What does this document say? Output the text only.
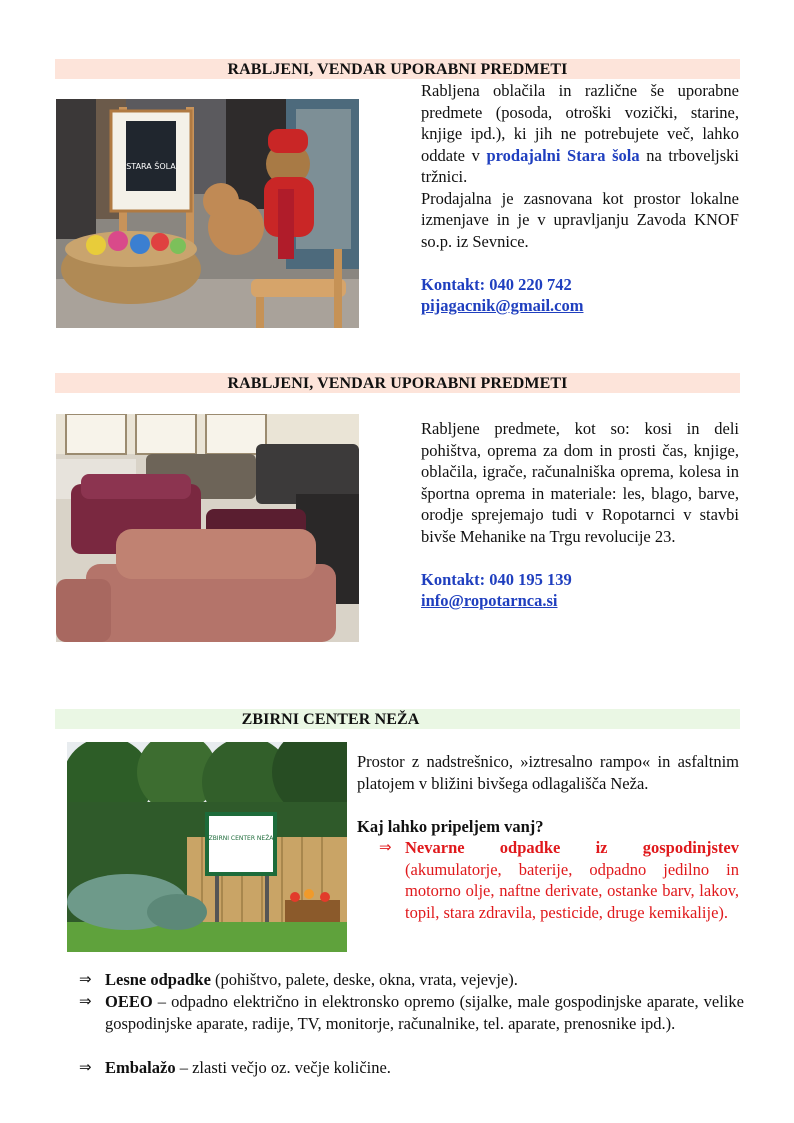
RABLJENI, VENDAR UPORABNI PREDMETI
STARA ŠOLA

Rabljena oblačila in različne še uporabne predmete (posoda, otroški vozički, starine, knjige ipd.), ki jih ne potrebujete več, lahko oddate v prodajalni Stara šola na trboveljski tržnici.

Prodajalna je zasnovana kot prostor lokalne izmenjave in je v upravljanju Zavoda KNOF so.p. iz Sevnice.

Kontakt: 040 220 742
pijagacnik@gmail.com
RABLJENI, VENDAR UPORABNI PREDMETI

Rabljene predmete, kot so: kosi in deli pohištva, oprema za dom in prosti čas, knjige, oblačila, igrače, računalniška oprema, kolesa in športna oprema in materiale: les, blago, barve, orodje sprejemajo tudi v Ropotarnci v stavbi bivše Mehanike na Trgu revolucije 23.

Kontakt: 040 195 139
info@ropotarnca.si
ZBIRNI CENTER NEŽA
ZBIRNI CENTER NEŽA

Prostor z nadstrešnico, »iztresalno rampo« in asfaltnim platojem v bližini bivšega odlagališča Neža.

Kaj lahko pripeljem vanj?
⇒ Nevarne odpadke iz gospodinjstev (akumulatorje, baterije, odpadno jedilno in motorno olje, naftne derivate, ostanke barv, lakov, topil, stara zdravila, pesticide, druge kemikalije).
⇒ Lesne odpadke (pohištvo, palete, deske, okna, vrata, vejevje).
⇒ OEEO – odpadno električno in elektronsko opremo (sijalke, male gospodinjske aparate, velike gospodinjske aparate, radije, TV, monitorje, računalnike, tel. aparate, prenosnike ipd.).
⇒ Embalažo – zlasti večjo oz. večje količine.
